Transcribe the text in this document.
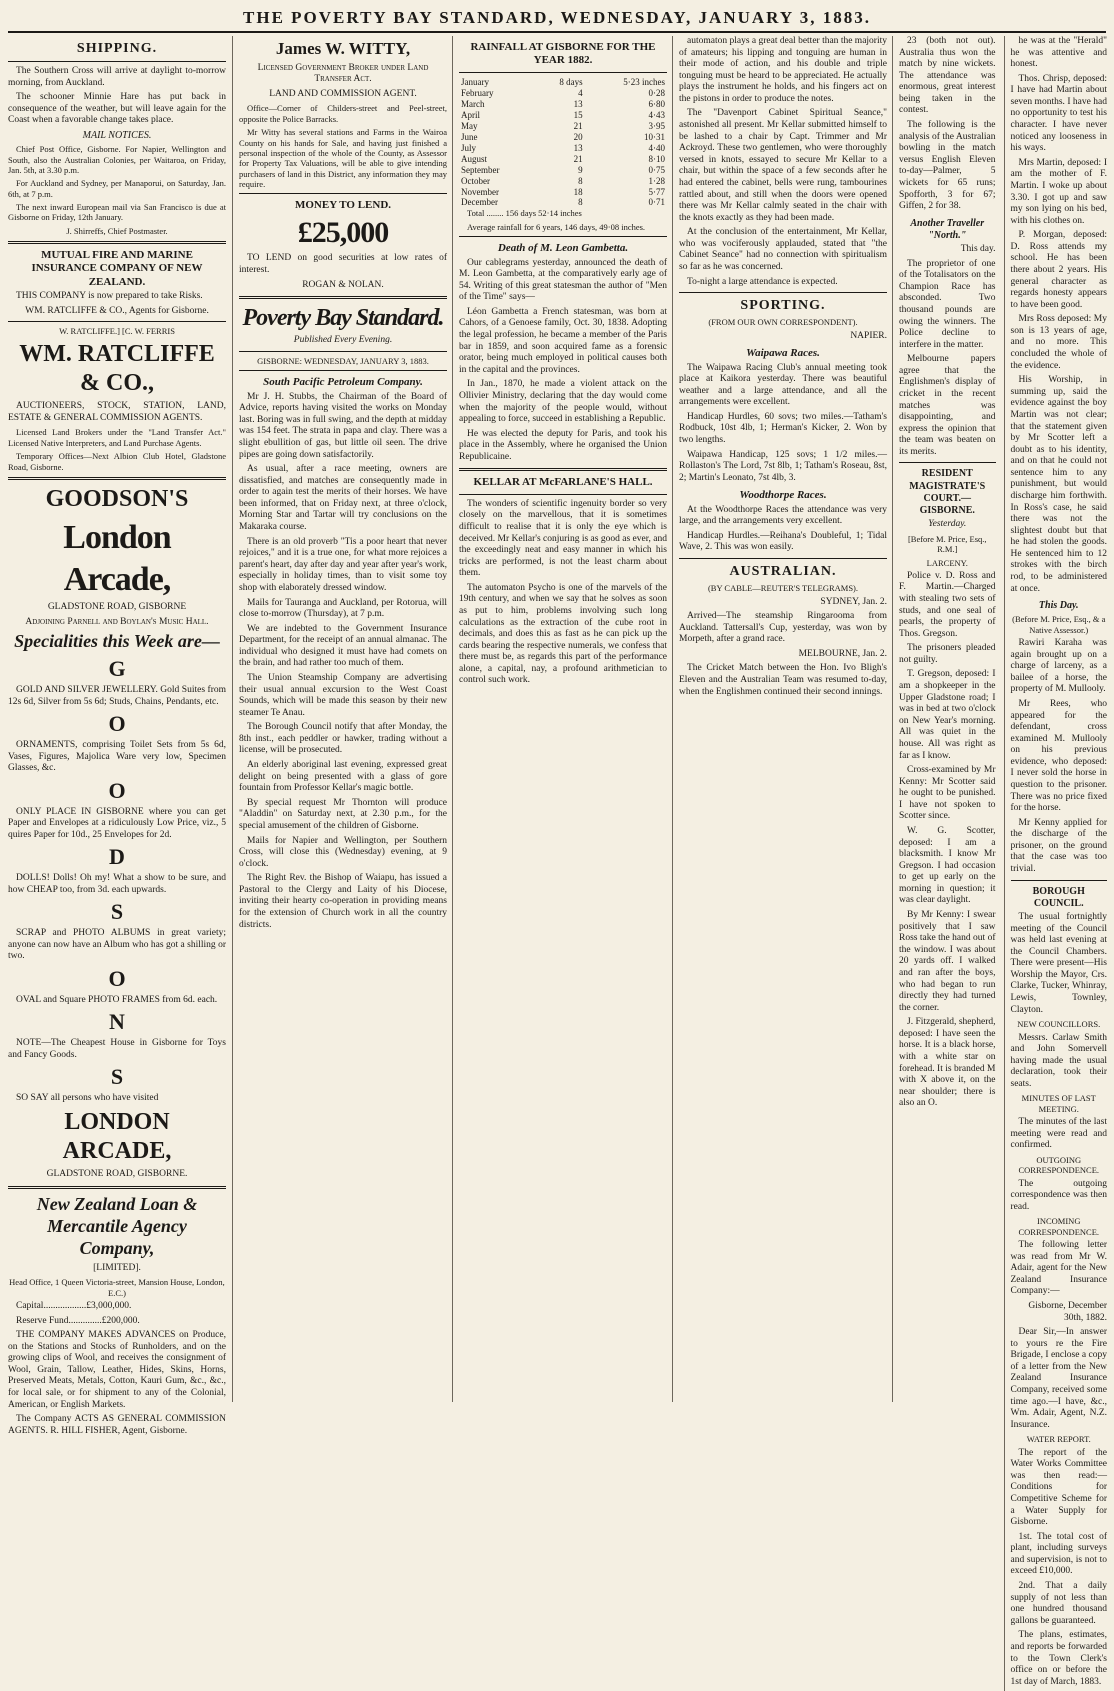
THE POVERTY BAY STANDARD, WEDNESDAY, JANUARY 3, 1883.
SHIPPING.

The Southern Cross will arrive at daylight to-morrow morning, from Auckland.

The schooner Minnie Hare has put back in consequence of the weather, but will leave again for the Coast when a favorable change takes place.

MAIL NOTICES.

Chief Post Office, Gisborne. For Napier, Wellington and South, also the Australian Colonies, per Waitaroa, on Friday, Jan. 5th, at 3.30 p.m.

For Auckland and Sydney, per Manaporui, on Saturday, Jan. 6th, at 7 p.m.

The next inward European mail via San Francisco is due at Gisborne on Friday, 12th January.

J. Shirreffs, Chief Postmaster.

MUTUAL FIRE AND MARINE INSURANCE COMPANY OF NEW ZEALAND.

THIS COMPANY is now prepared to take Risks.

WM. RATCLIFFE & CO., Agents for Gisborne.

W. RATCLIFFE.] [C. W. FERRIS

WM. RATCLIFFE & CO.,

AUCTIONEERS, STOCK, STATION, LAND, ESTATE & GENERAL COMMISSION AGENTS.

Licensed Land Brokers under the "Land Transfer Act." Licensed Native Interpreters, and Land Purchase Agents.

Temporary Offices—Next Albion Club Hotel, Gladstone Road, Gisborne.

GOODSON'S
London Arcade,

GLADSTONE ROAD, GISBORNE

Adjoining Parnell and Boylan's Music Hall.

Specialities this Week are—
G

GOLD AND SILVER JEWELLERY. Gold Suites from 12s 6d, Silver from 5s 6d; Studs, Chains, Pendants, etc.

O

ORNAMENTS, comprising Toilet Sets from 5s 6d, Vases, Figures, Majolica Ware very low, Specimen Glasses, &c.

O

ONLY PLACE IN GISBORNE where you can get Paper and Envelopes at a ridiculously Low Price, viz., 5 quires Paper for 10d., 25 Envelopes for 2d.

D

DOLLS! Dolls! Oh my! What a show to be sure, and how CHEAP too, from 3d. each upwards.

S

SCRAP and PHOTO ALBUMS in great variety; anyone can now have an Album who has got a shilling or two.

O

OVAL and Square PHOTO FRAMES from 6d. each.

N

NOTE—The Cheapest House in Gisborne for Toys and Fancy Goods.

S

SO SAY all persons who have visited

LONDON ARCADE,

GLADSTONE ROAD, GISBORNE.

New Zealand Loan & Mercantile Agency Company,

[LIMITED].

Head Office, 1 Queen Victoria-street, Mansion House, London, E.C.)

Capital..................£3,000,000.

Reserve Fund..............£200,000.

THE COMPANY MAKES ADVANCES on Produce, on the Stations and Stocks of Runholders, and on the growing clips of Wool, and receives the consignment of Wool, Grain, Tallow, Leather, Hides, Skins, Horns, Preserved Meats, Metals, Cotton, Kauri Gum, &c., &c., for local sale, or for shipment to any of the Colonial, American, or English Markets.

The Company ACTS AS GENERAL COMMISSION AGENTS. R. HILL FISHER, Agent, Gisborne.

James W. WITTY,

Licensed Government Broker under Land Transfer Act.

LAND AND COMMISSION AGENT.

Office—Corner of Childers-street and Peel-street, opposite the Police Barracks.

Mr Witty has several stations and Farms in the Wairoa County on his hands for Sale, and having just finished a personal inspection of the whole of the County, as Assessor for Property Tax Valuations, will be able to give intending purchasers of land in this District, any information they may require.

MONEY TO LEND.
£25,000

TO LEND on good securities at low rates of interest.

ROGAN & NOLAN.

Poverty Bay Standard.

Published Every Evening.

GISBORNE: WEDNESDAY, JANUARY 3, 1883.

South Pacific Petroleum Company.

Mr J. H. Stubbs, the Chairman of the Board of Advice, reports having visited the works on Monday last. Boring was in full swing, and the depth at midday was 154 feet. The strata in papa and clay. There was a slight ebullition of gas, but little oil seen. The drive pipes are going down satisfactorily.

As usual, after a race meeting, owners are dissatisfied, and matches are consequently made in order to again test the merits of their horses. We have been informed, that on Friday next, at three o'clock, Morning Star and Tartar will try conclusions on the Makaraka course.

There is an old proverb "Tis a poor heart that never rejoices," and it is a true one, for what more rejoices a parent's heart, day after day and year after year's work, especially in holiday times, than to visit some toy shop with elaborately dressed window.

Mails for Tauranga and Auckland, per Rotorua, will close to-morrow (Thursday), at 7 p.m.

We are indebted to the Government Insurance Department, for the receipt of an annual almanac. The individual who designed it must have had comets on the brain, and had rather too much of them.

The Union Steamship Company are advertising their usual annual excursion to the West Coast Sounds, which will be made this season by their new steamer Te Anau.

The Borough Council notify that after Monday, the 8th inst., each peddler or hawker, trading without a license, will be prosecuted.

An elderly aboriginal last evening, expressed great delight on being presented with a glass of gore fountain from Professor Kellar's magic bottle.

By special request Mr Thornton will produce "Aladdin" on Saturday next, at 2.30 p.m., for the special amusement of the children of Gisborne.

Mails for Napier and Wellington, per Southern Cross, will close this (Wednesday) evening, at 9 o'clock.

The Right Rev. the Bishop of Waiapu, has issued a Pastoral to the Clergy and Laity of his Diocese, inviting their hearty co-operation in providing means for the extension of Church work in all the country districts.

RAINFALL AT GISBORNE FOR THE YEAR 1882.
January	8 days	5·23 inches
February	4	0·28
March	13	6·80
April	15	4·43
May	21	3·95
June	20	10·31
July	13	4·40
August	21	8·10
September	9	0·75
October	8	1·28
November	18	5·77
December	8	0·71

Total ........ 156 days 52·14 inches

Average rainfall for 6 years, 146 days, 49·08 inches.

Death of M. Leon Gambetta.

Our cablegrams yesterday, announced the death of M. Leon Gambetta, at the comparatively early age of 54. Writing of this great statesman the author of "Men of the Time" says—

Léon Gambetta a French statesman, was born at Cahors, of a Genoese family, Oct. 30, 1838. Adopting the legal profession, he became a member of the Paris bar in 1859, and soon acquired fame as a forensic orator, being much employed in political causes both in the capital and the provinces.

In Jan., 1870, he made a violent attack on the Ollivier Ministry, declaring that the day would come when the majority of the people would, without appealing to force, succeed in establishing a Republic.

He was elected the deputy for Paris, and took his place in the Assembly, where he organised the Union Republicaine.

KELLAR AT McFARLANE'S HALL.

The wonders of scientific ingenuity border so very closely on the marvellous, that it is sometimes difficult to realise that it is only the eye which is deceived. Mr Kellar's conjuring is as good as ever, and the exceedingly neat and easy manner in which his tricks are performed, is not the least charm about them.

The automaton Psycho is one of the marvels of the 19th century, and when we say that he solves as soon as put to him, problems involving such long calculations as the extraction of the cube root in decimals, and does this as fast as he can pick up the cards bearing the respective numerals, we confess that there must be, as regards this part of the performance alone, a capital, nay, a profound arithmetician to control such work.

automaton plays a great deal better than the majority of amateurs; his lipping and tonguing are human in their mode of action, and his double and triple tonguing must be heard to be appreciated. He actually plays the instrument he holds, and his fingers act on the pistons in order to produce the notes.

The "Davenport Cabinet Spiritual Seance," astonished all present. Mr Kellar submitted himself to be lashed to a chair by Capt. Trimmer and Mr Ackroyd. These two gentlemen, who were thoroughly versed in knots, essayed to secure Mr Kellar to a chair, but within the space of a few seconds after he had entered the cabinet, bells were rung, tambourines rattled about, and still when the doors were opened there was Mr Kellar calmly seated in the chair with the knots exactly as they had been made.

At the conclusion of the entertainment, Mr Kellar, who was vociferously applauded, stated that "the Cabinet Seance" had no connection with spiritualism so far as he was concerned.

To-night a large attendance is expected.

SPORTING.

(FROM OUR OWN CORRESPONDENT).

NAPIER.

Waipawa Races.

The Waipawa Racing Club's annual meeting took place at Kaikora yesterday. There was beautiful weather and a large attendance, and all the arrangements were excellent.

Handicap Hurdles, 60 sovs; two miles.—Tatham's Rodbuck, 10st 4lb, 1; Herman's Kicker, 2. Won by two lengths.

Waipawa Handicap, 125 sovs; 1 1/2 miles.—Rollaston's The Lord, 7st 8lb, 1; Tatham's Roseau, 8st, 2; Martin's Leonato, 7st 4lb, 3.

Woodthorpe Races.

At the Woodthorpe Races the attendance was very large, and the arrangements very excellent.

Handicap Hurdles.—Reihana's Doubleful, 1; Tidal Wave, 2. This was won easily.

AUSTRALIAN.

(BY CABLE—REUTER'S TELEGRAMS).

SYDNEY, Jan. 2.

Arrived—The steamship Ringarooma from Auckland. Tattersall's Cup, yesterday, was won by Morpeth, after a grand race.

MELBOURNE, Jan. 2.

The Cricket Match between the Hon. Ivo Bligh's Eleven and the Australian Team was resumed to-day, when the Englishmen continued their second innings.

23 (both not out). Australia thus won the match by nine wickets. The attendance was enormous, great interest being taken in the contest.

The following is the analysis of the Australian bowling in the match versus English Eleven to-day—Palmer, 5 wickets for 65 runs; Spofforth, 3 for 67; Giffen, 2 for 38.

Another Traveller "North."

This day.

The proprietor of one of the Totalisators on the Champion Race has absconded. Two thousand pounds are owing the winners. The Police decline to interfere in the matter.

Melbourne papers agree that the Englishmen's display of cricket in the recent matches was disappointing, and express the opinion that the team was beaten on its merits.

RESIDENT MAGISTRATE'S COURT.—GISBORNE.

Yesterday.

[Before M. Price, Esq., R.M.]

LARCENY.

Police v. D. Ross and F. Martin.—Charged with stealing two sets of studs, and one seal of pearls, the property of Thos. Gregson.

The prisoners pleaded not guilty.

T. Gregson, deposed: I am a shopkeeper in the Upper Gladstone road; I was in bed at two o'clock on New Year's morning. All was quiet in the house. All was right as far as I know.

Cross-examined by Mr Kenny: Mr Scotter said he ought to be punished. I have not spoken to Scotter since.

W. G. Scotter, deposed: I am a blacksmith. I know Mr Gregson. I had occasion to get up early on the morning in question; it was clear daylight.

By Mr Kenny: I swear positively that I saw Ross take the hand out of the window. I was about 20 yards off. I walked and ran after the boys, who had began to run directly they had turned the corner.

J. Fitzgerald, shepherd, deposed: I have seen the horse. It is a black horse, with a white star on forehead. It is branded M with X above it, on the near shoulder; there is also an O.

he was at the "Herald" he was attentive and honest.

Thos. Chrisp, deposed: I have had Martin about seven months. I have had no opportunity to test his character. I have never noticed any looseness in his ways.

Mrs Martin, deposed: I am the mother of F. Martin. I woke up about 3.30. I got up and saw my son lying on his bed, with his clothes on.

P. Morgan, deposed: D. Ross attends my school. He has been there about 2 years. His general character as regards honesty appears to have been good.

Mrs Ross deposed: My son is 13 years of age, and no more. This concluded the whole of the evidence.

His Worship, in summing up, said the evidence against the boy Martin was not clear; that the statement given by Mr Scotter left a doubt as to his identity, and on that he could not sentence him to any punishment, but would discharge him forthwith. In Ross's case, he said there was not the slightest doubt but that he had stolen the goods. He sentenced him to 12 strokes with the birch rod, to be administered at once.

This Day.

(Before M. Price, Esq., & a Native Assessor.)

Rawiri Karaha was again brought up on a charge of larceny, as a bailee of a horse, the property of M. Mullooly.

Mr Rees, who appeared for the defendant, cross examined M. Mullooly on his previous evidence, who deposed: I never sold the horse in question to the prisoner. There was no price fixed for the horse.

Mr Kenny applied for the discharge of the prisoner, on the ground that the case was too trivial.

BOROUGH COUNCIL.

The usual fortnightly meeting of the Council was held last evening at the Council Chambers. There were present—His Worship the Mayor, Crs. Clarke, Tucker, Whinray, Lewis, Townley, Clayton.

NEW COUNCILLORS.

Messrs. Carlaw Smith and John Somervell having made the usual declaration, took their seats.

MINUTES OF LAST MEETING.

The minutes of the last meeting were read and confirmed.

OUTGOING CORRESPONDENCE.

The outgoing correspondence was then read.

INCOMING CORRESPONDENCE.

The following letter was read from Mr W. Adair, agent for the New Zealand Insurance Company:—

Gisborne, December 30th, 1882.

Dear Sir,—In answer to yours re the Fire Brigade, I enclose a copy of a letter from the New Zealand Insurance Company, received some time ago.—I have, &c., Wm. Adair, Agent, N.Z. Insurance.

WATER REPORT.

The report of the Water Works Committee was then read:—Conditions for Competitive Scheme for a Water Supply for Gisborne.

1st. The total cost of plant, including surveys and supervision, is not to exceed £10,000.

2nd. That a daily supply of not less than one hundred thousand gallons be guaranteed.

The plans, estimates, and reports be forwarded to the Town Clerk's office on or before the 1st day of March, 1883.
